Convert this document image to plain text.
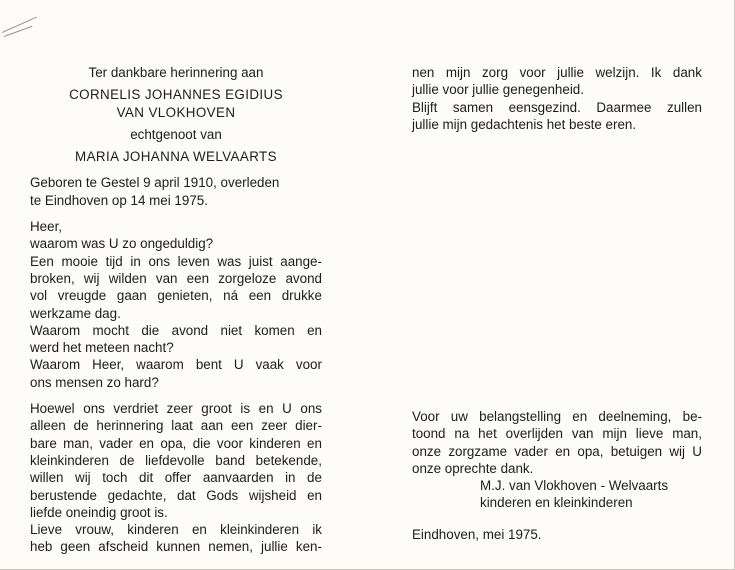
Ter dankbare herinnering aan
CORNELIS JOHANNES EGIDIUS
VAN VLOKHOVEN
echtgenoot van
MARIA JOHANNA WELVAARTS
Geboren te Gestel 9 april 1910, overleden
te Eindhoven op 14 mei 1975.
Heer,
waarom was U zo ongeduldig?
Een mooie tijd in ons leven was juist aange-
broken, wij wilden van een zorgeloze avond
vol vreugde gaan genieten, ná een drukke
werkzame dag.
Waarom mocht die avond niet komen en
werd het meteen nacht?
Waarom Heer, waarom bent U vaak voor
ons mensen zo hard?
Hoewel ons verdriet zeer groot is en U ons
alleen de herinnering laat aan een zeer dier-
bare man, vader en opa, die voor kinderen en
kleinkinderen de liefdevolle band betekende,
willen wij toch dit offer aanvaarden in de
berustende gedachte, dat Gods wijsheid en
liefde oneindig groot is.
Lieve vrouw, kinderen en kleinkinderen ik
heb geen afscheid kunnen nemen, jullie ken-
nen mijn zorg voor jullie welzijn. Ik dank
jullie voor jullie genegenheid.
Blijft samen eensgezind. Daarmee zullen
jullie mijn gedachtenis het beste eren.
Voor uw belangstelling en deelneming, be-
toond na het overlijden van mijn lieve man,
onze zorgzame vader en opa, betuigen wij U
onze oprechte dank.
M.J. van Vlokhoven - Welvaarts
kinderen en kleinkinderen
Eindhoven, mei 1975.
